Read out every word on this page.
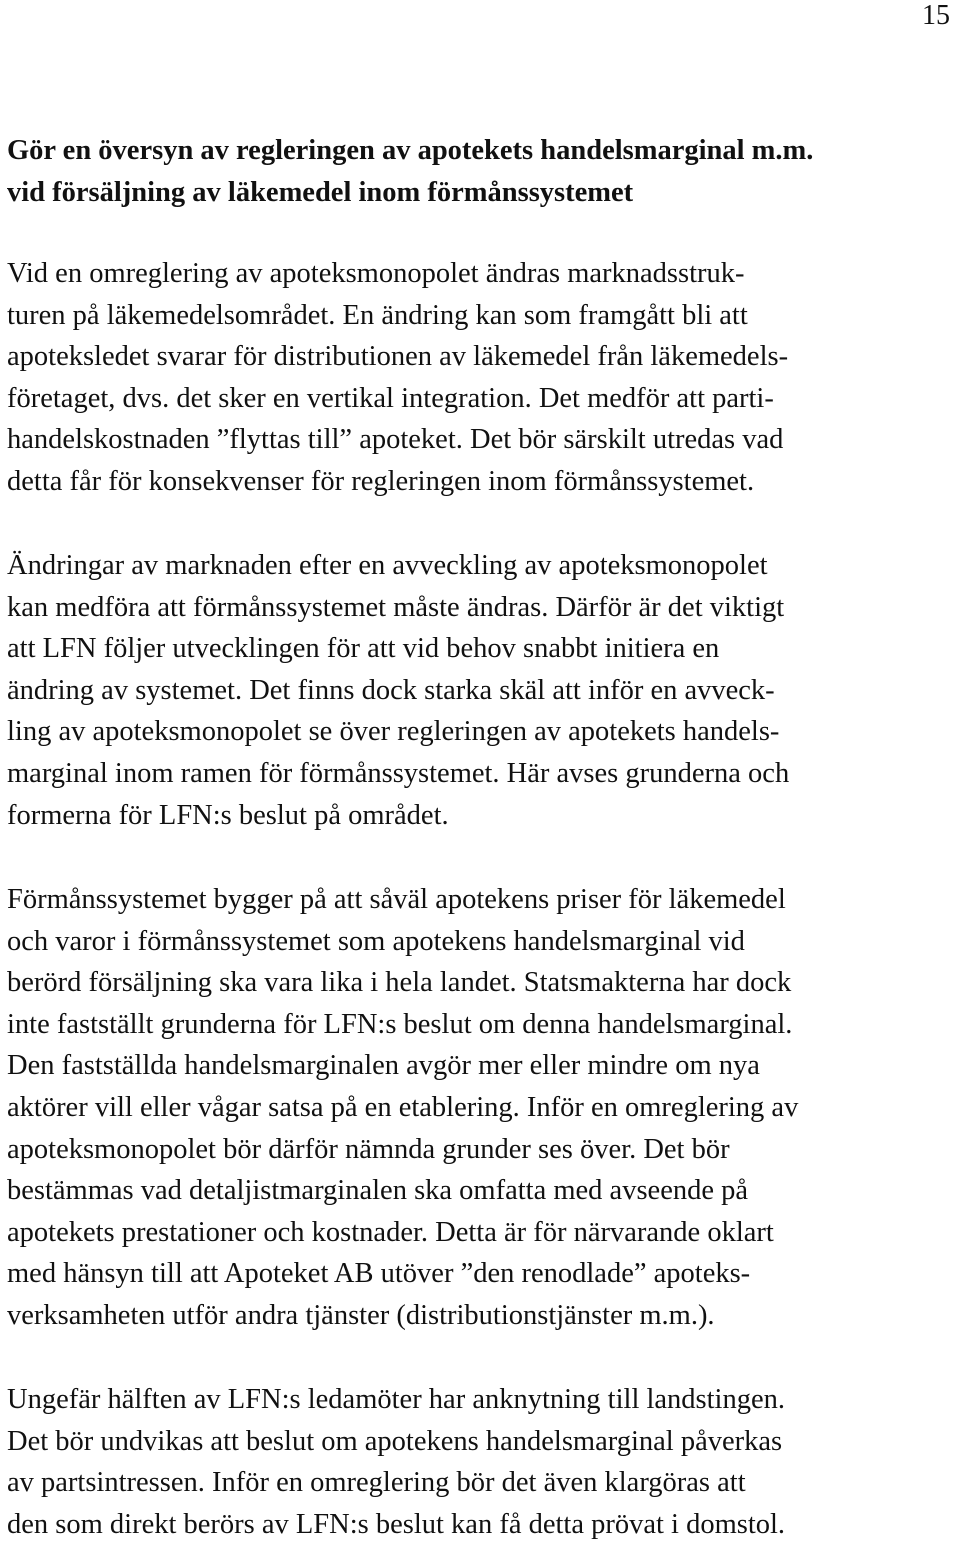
15
Gör en översyn av regleringen av apotekets handelsmarginal m.m.
vid försäljning av läkemedel inom förmånssystemet
Vid en omreglering av apoteksmonopolet ändras marknadsstruk-
turen på läkemedelsområdet. En ändring kan som framgått bli att
apoteksledet svarar för distributionen av läkemedel från läkemedels-
företaget, dvs. det sker en vertikal integration. Det medför att parti-
handelskostnaden ”flyttas till” apoteket. Det bör särskilt utredas vad
detta får för konsekvenser för regleringen inom förmånssystemet.
Ändringar av marknaden efter en avveckling av apoteksmonopolet
kan medföra att förmånssystemet måste ändras. Därför är det viktigt
att LFN följer utvecklingen för att vid behov snabbt initiera en
ändring av systemet. Det finns dock starka skäl att inför en avveck-
ling av apoteksmonopolet se över regleringen av apotekets handels-
marginal inom ramen för förmånssystemet. Här avses grunderna och
formerna för LFN:s beslut på området.
Förmånssystemet bygger på att såväl apotekens priser för läkemedel
och varor i förmånssystemet som apotekens handelsmarginal vid
berörd försäljning ska vara lika i hela landet. Statsmakterna har dock
inte fastställt grunderna för LFN:s beslut om denna handelsmarginal.
Den fastställda handelsmarginalen avgör mer eller mindre om nya
aktörer vill eller vågar satsa på en etablering. Inför en omreglering av
apoteksmonopolet bör därför nämnda grunder ses över. Det bör
bestämmas vad detaljistmarginalen ska omfatta med avseende på
apotekets prestationer och kostnader. Detta är för närvarande oklart
med hänsyn till att Apoteket AB utöver ”den renodlade” apoteks-
verksamheten utför andra tjänster (distributionstjänster m.m.).
Ungefär hälften av LFN:s ledamöter har anknytning till landstingen.
Det bör undvikas att beslut om apotekens handelsmarginal påverkas
av partsintressen. Inför en omreglering bör det även klargöras att
den som direkt berörs av LFN:s beslut kan få detta prövat i domstol.
